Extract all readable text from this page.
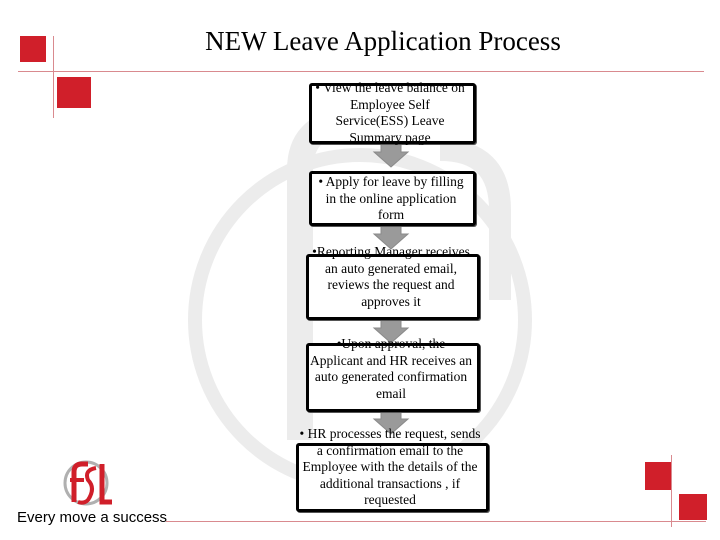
NEW Leave Application Process
• View the leave balance on Employee Self Service(ESS) Leave Summary page
• Apply for leave by filling in the online application form
•Reporting Manager receives an auto generated email, reviews the request and approves it
•Upon approval, the Applicant and HR receives an auto generated confirmation email
• HR processes the request, sends a confirmation email to the Employee with the details of the additional transactions , if requested
Every move a success
